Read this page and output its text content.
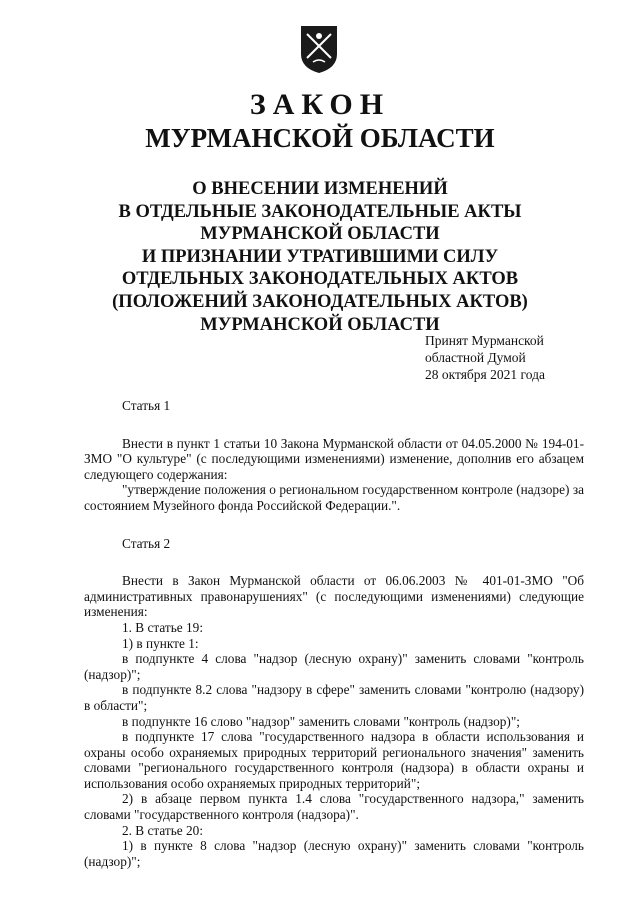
ЗАКОН
МУРМАНСКОЙ ОБЛАСТИ
О ВНЕСЕНИИ ИЗМЕНЕНИЙ
В ОТДЕЛЬНЫЕ ЗАКОНОДАТЕЛЬНЫЕ АКТЫ
МУРМАНСКОЙ ОБЛАСТИ
И ПРИЗНАНИИ УТРАТИВШИМИ СИЛУ
ОТДЕЛЬНЫХ ЗАКОНОДАТЕЛЬНЫХ АКТОВ
(ПОЛОЖЕНИЙ ЗАКОНОДАТЕЛЬНЫХ АКТОВ)
МУРМАНСКОЙ ОБЛАСТИ
Принят Мурманской
областной Думой
28 октября 2021 года

Статья 1

Внести в пункт 1 статьи 10 Закона Мурманской области от 04.05.2000 № 194-01-ЗМО "О культуре" (с последующими изменениями) изменение, дополнив его абзацем следующего содержания:

"утверждение положения о региональном государственном контроле (надзоре) за состоянием Музейного фонда Российской Федерации.".

Статья 2

Внести в Закон Мурманской области от 06.06.2003 № 401-01-ЗМО "Об административных правонарушениях" (с последующими изменениями) следующие изменения:

1. В статье 19:

1) в пункте 1:

в подпункте 4 слова "надзор (лесную охрану)" заменить словами "контроль (надзор)";

в подпункте 8.2 слова "надзору в сфере" заменить словами "контролю (надзору) в области";

в подпункте 16 слово "надзор" заменить словами "контроль (надзор)";

в подпункте 17 слова "государственного надзора в области использования и охраны особо охраняемых природных территорий регионального значения" заменить словами "регионального государственного контроля (надзора) в области охраны и использования особо охраняемых природных территорий";

2) в абзаце первом пункта 1.4 слова "государственного надзора," заменить словами "государственного контроля (надзора)".

2. В статье 20:

1) в пункте 8 слова "надзор (лесную охрану)" заменить словами "контроль (надзор)";
